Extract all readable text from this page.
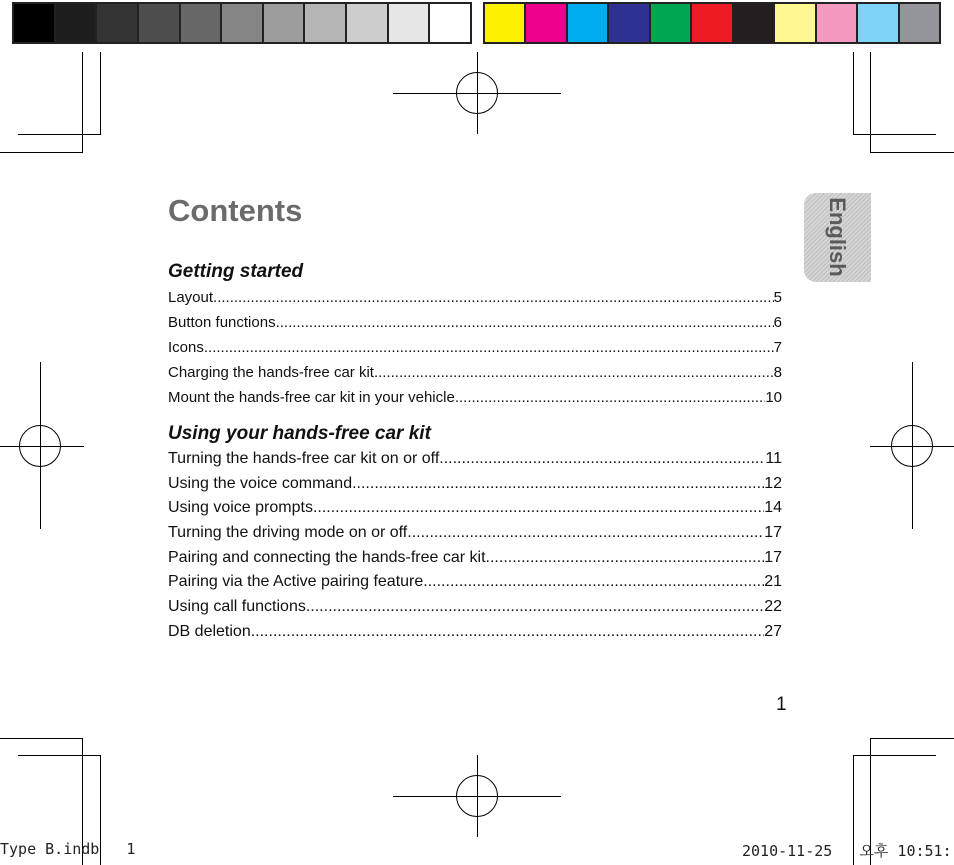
English
Contents
Getting started
Layout .....	5
Button functions .....	6
Icons .....	7
Charging the hands-free car kit .....	8
Mount the hands-free car kit in your vehicle .....	10
Using your hands-free car kit
Turning the hands-free car kit on or off .....	11
Using the voice command .....	12
Using voice prompts .....	14
Turning the driving mode on or off .....	17
Pairing and connecting the hands-free car kit .....	17
Pairing via the Active pairing feature .....	21
Using call functions .....	22
DB deletion .....	27
1
Type B.indb   1	2010-11-25   오후 10:51:
